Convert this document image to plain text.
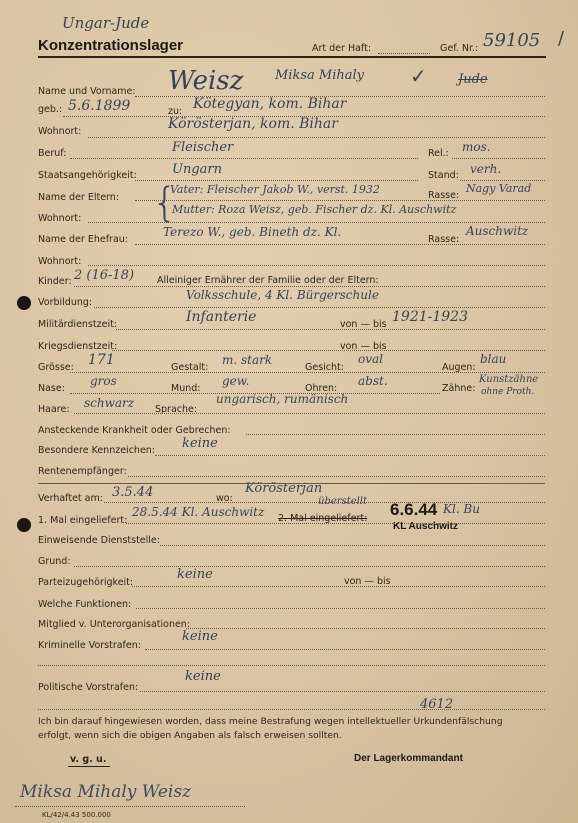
Ungar-Jude
Konzentrationslager	Art der Haft:	Gef. Nr.: 59105 /
Name und Vorname: Weisz Miksa Mihaly ✓ Jude
geb.: 5.6.1899	zu: Kötegyan, kom. Bihar
Wohnort:	Körösterjan, kom. Bihar
Beruf:	Fleischer	Rel.: mos.
Staatsangehörigkeit:	Ungarn	Stand: verh.
Name der Eltern: {
Vater: Fleischer Jakob W., verst. 1932	Rasse:
Nagy Varad
Wohnort:
Mutter: Roza Weisz, geb. Fischer dz. Kl. Auschwitz
Name der Ehefrau:
Terezo W., geb. Bineth dz. Kl.
Rasse:
Auschwitz
Wohnort:
Kinder: 2 (16-18) Alleiniger Ernährer der Familie oder der Eltern:
Vorbildung:
Volksschule, 4 Kl. Bürgerschule
Militärdienstzeit:	Infanterie	von — bis 1921-1923
Kriegsdienstzeit:	von — bis
Grösse: 171	Gestalt:
m. stark
Gesicht:
oval
Augen:
blau
Nase:
gros
Mund:
gew.
Ohren:
abst.
Zähne:
Kunstzähne
ohne Proth.
Haare: schwarz Sprache:
ungarisch, rumänisch
Ansteckende Krankheit oder Gebrechen:
Besondere Kennzeichen: keine
Rentenempfänger:
Verhaftet am: 3.5.44	wo:
Körösterjan
1. Mal eingeliefert:
28.5.44 Kl. Auschwitz 2. Mal eingeliefert:
überstellt 6.6.44 Kl. Bu
KL Auschwitz
Einweisende Dienststelle:
Grund:
Parteizugehörigkeit:
keine	von — bis
Welche Funktionen:
Mitglied v. Unterorganisationen:
Kriminelle Vorstrafen:
keine
Politische Vorstrafen:
keine
4612
Ich bin darauf hingewiesen worden, dass meine Bestrafung wegen intellektueller Urkundenfälschung
erfolgt, wenn sich die obigen Angaben als falsch erweisen sollten.
v. g. u.	Der Lagerkommandant
Miksa Mihaly Weisz
KL/42/4.43 500.000
